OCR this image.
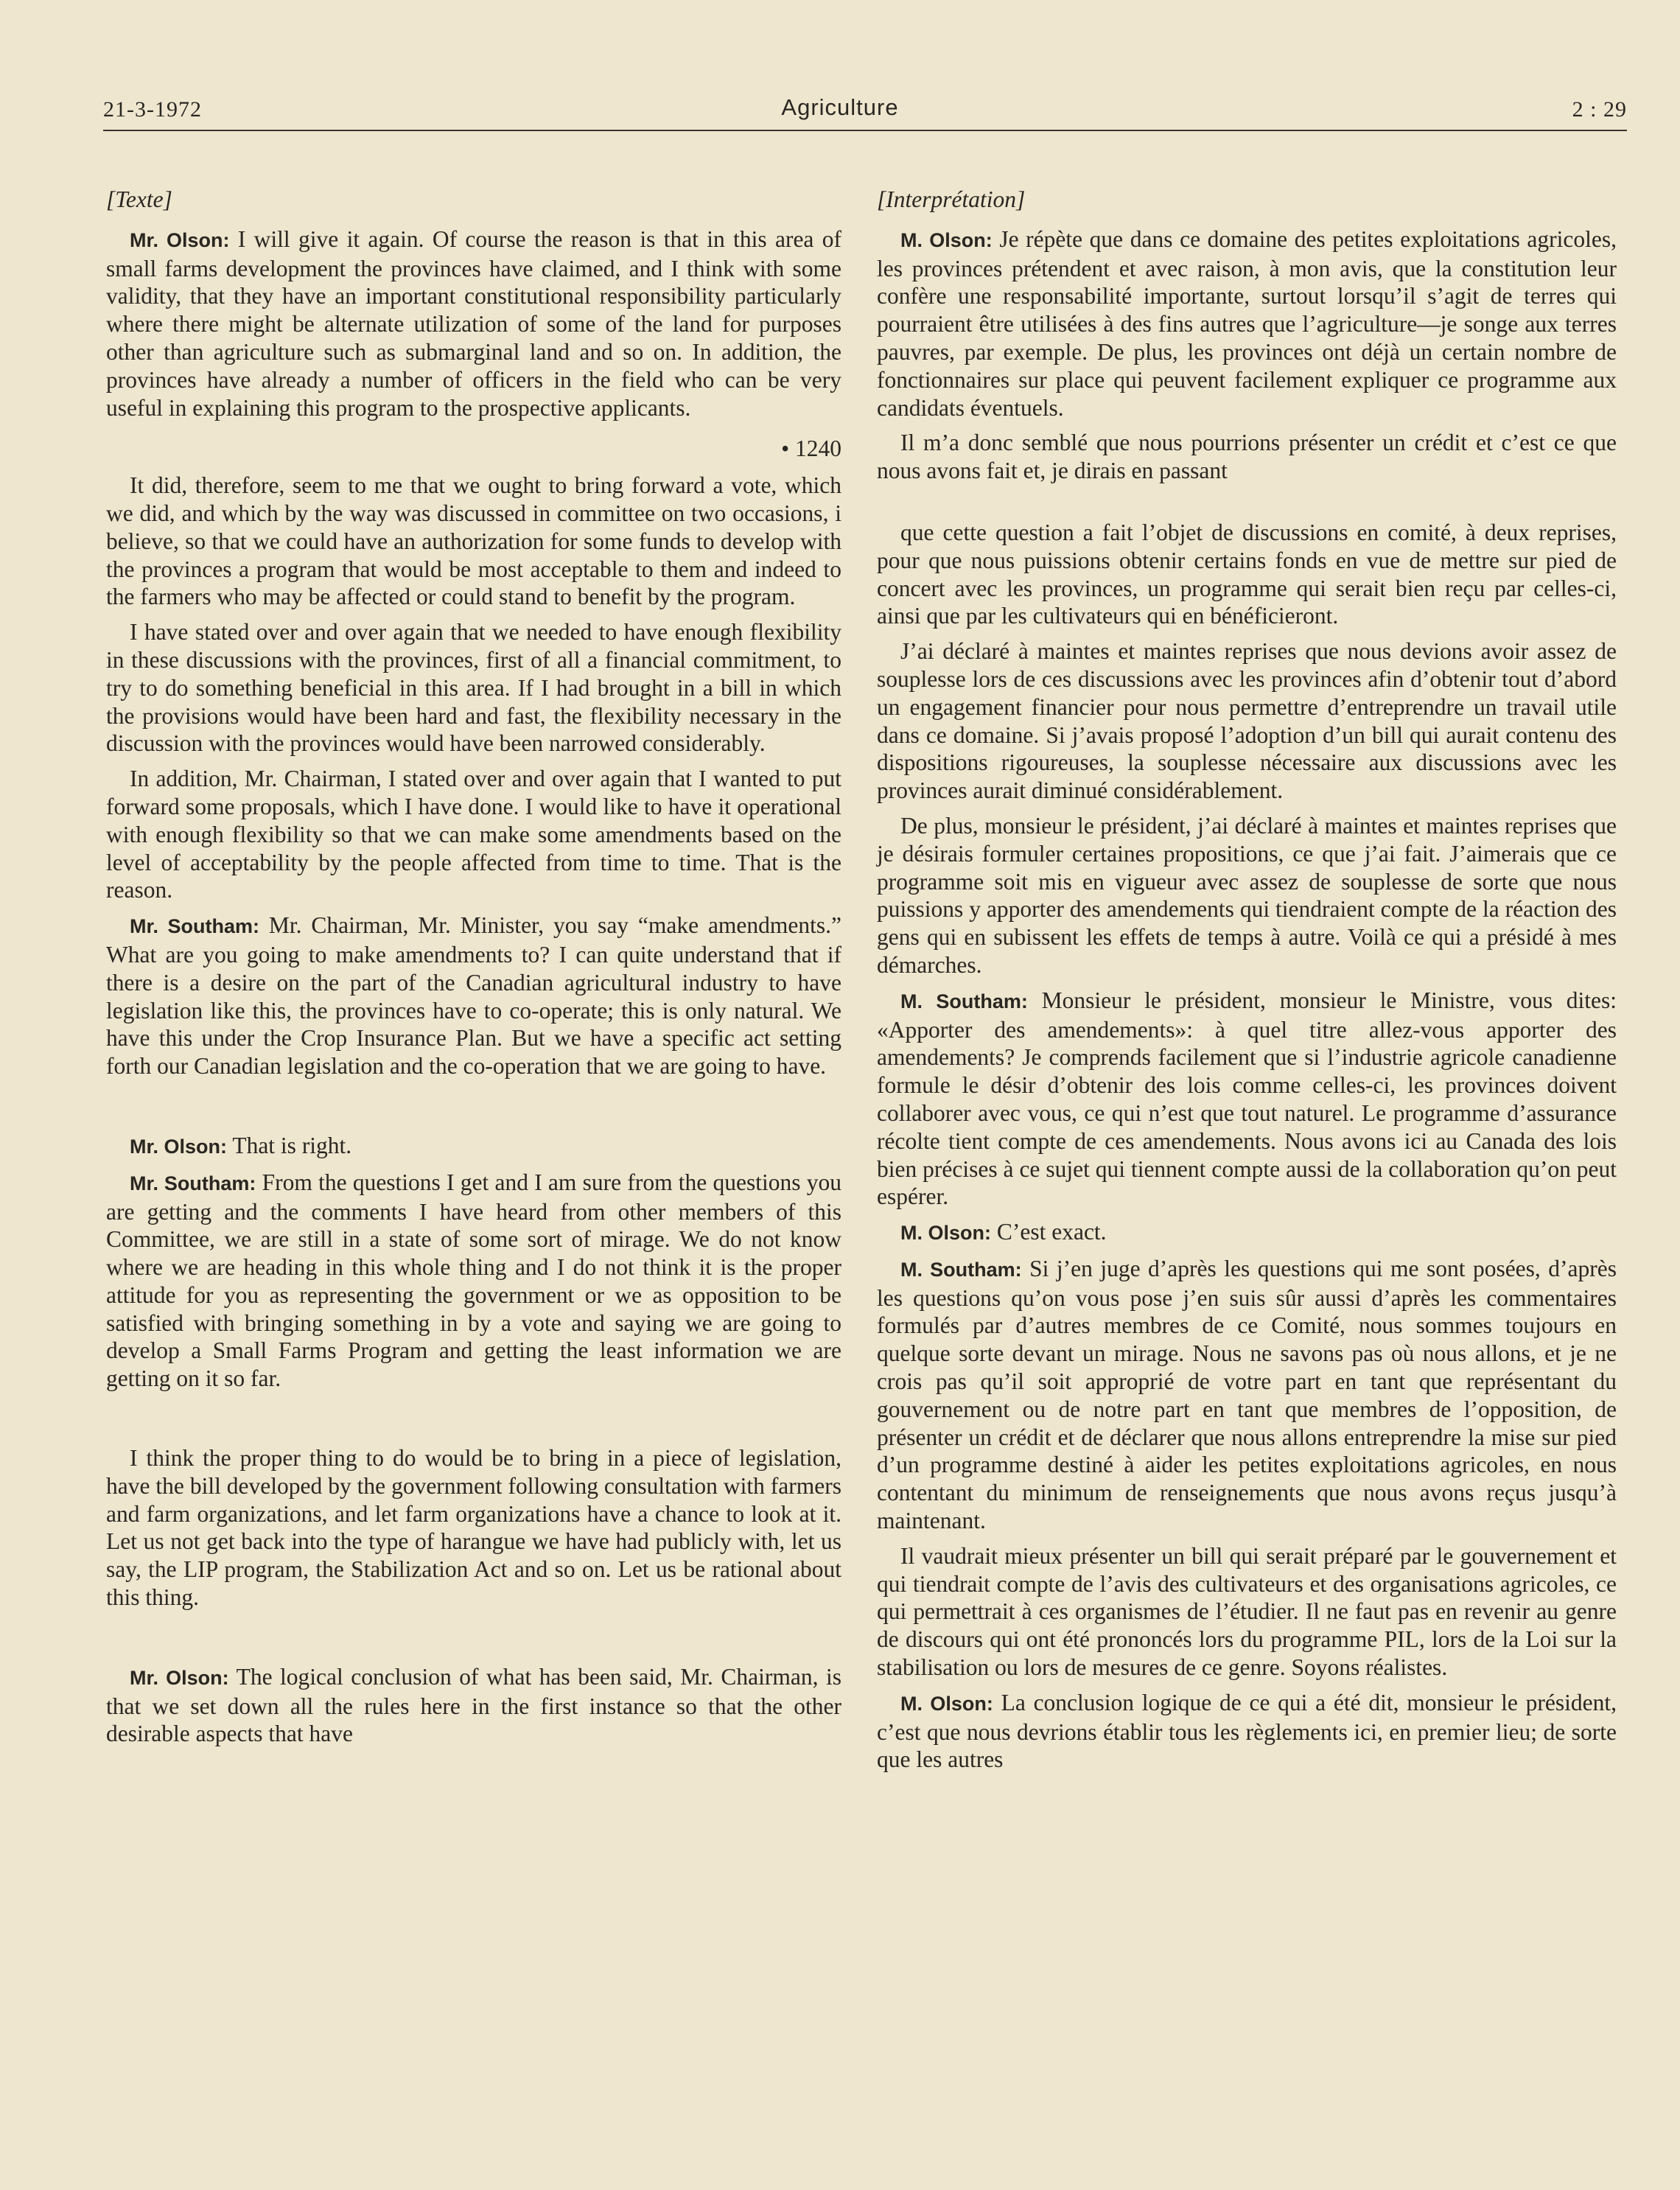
21-3-1972	Agriculture	2 : 29

[Texte]

Mr. Olson: I will give it again. Of course the reason is that in this area of small farms development the provinces have claimed, and I think with some validity, that they have an important constitutional responsibility particularly where there might be alternate utilization of some of the land for purposes other than agriculture such as submarginal land and so on. In addition, the provinces have already a number of officers in the field who can be very useful in explaining this program to the prospective applicants.

• 1240

It did, therefore, seem to me that we ought to bring forward a vote, which we did, and which by the way was discussed in committee on two occasions, i believe, so that we could have an authorization for some funds to develop with the provinces a program that would be most acceptable to them and indeed to the farmers who may be affected or could stand to benefit by the program.

I have stated over and over again that we needed to have enough flexibility in these discussions with the provinces, first of all a financial commitment, to try to do something beneficial in this area. If I had brought in a bill in which the provisions would have been hard and fast, the flexibility necessary in the discussion with the provinces would have been narrowed considerably.

In addition, Mr. Chairman, I stated over and over again that I wanted to put forward some proposals, which I have done. I would like to have it operational with enough flexibility so that we can make some amendments based on the level of acceptability by the people affected from time to time. That is the reason.

Mr. Southam: Mr. Chairman, Mr. Minister, you say “make amendments.” What are you going to make amendments to? I can quite understand that if there is a desire on the part of the Canadian agricultural industry to have legislation like this, the provinces have to co-operate; this is only natural. We have this under the Crop Insurance Plan. But we have a specific act setting forth our Canadian legislation and the co-operation that we are going to have.

Mr. Olson: That is right.

Mr. Southam: From the questions I get and I am sure from the questions you are getting and the comments I have heard from other members of this Committee, we are still in a state of some sort of mirage. We do not know where we are heading in this whole thing and I do not think it is the proper attitude for you as representing the government or we as opposition to be satisfied with bringing something in by a vote and saying we are going to develop a Small Farms Program and getting the least information we are getting on it so far.

I think the proper thing to do would be to bring in a piece of legislation, have the bill developed by the government following consultation with farmers and farm organizations, and let farm organizations have a chance to look at it. Let us not get back into the type of harangue we have had publicly with, let us say, the LIP program, the Stabilization Act and so on. Let us be rational about this thing.

Mr. Olson: The logical conclusion of what has been said, Mr. Chairman, is that we set down all the rules here in the first instance so that the other desirable aspects that have

[Interprétation]

M. Olson: Je répète que dans ce domaine des petites exploitations agricoles, les provinces prétendent et avec raison, à mon avis, que la constitution leur confère une responsabilité importante, surtout lorsqu’il s’agit de terres qui pourraient être utilisées à des fins autres que l’agriculture—je songe aux terres pauvres, par exemple. De plus, les provinces ont déjà un certain nombre de fonctionnaires sur place qui peuvent facilement expliquer ce programme aux candidats éventuels.

Il m’a donc semblé que nous pourrions présenter un crédit et c’est ce que nous avons fait et, je dirais en passant

que cette question a fait l’objet de discussions en comité, à deux reprises, pour que nous puissions obtenir certains fonds en vue de mettre sur pied de concert avec les provinces, un programme qui serait bien reçu par celles-ci, ainsi que par les cultivateurs qui en bénéficieront.

J’ai déclaré à maintes et maintes reprises que nous devions avoir assez de souplesse lors de ces discussions avec les provinces afin d’obtenir tout d’abord un engagement financier pour nous permettre d’entreprendre un travail utile dans ce domaine. Si j’avais proposé l’adoption d’un bill qui aurait contenu des dispositions rigoureuses, la souplesse nécessaire aux discussions avec les provinces aurait diminué considérablement.

De plus, monsieur le président, j’ai déclaré à maintes et maintes reprises que je désirais formuler certaines propositions, ce que j’ai fait. J’aimerais que ce programme soit mis en vigueur avec assez de souplesse de sorte que nous puissions y apporter des amendements qui tiendraient compte de la réaction des gens qui en subissent les effets de temps à autre. Voilà ce qui a présidé à mes démarches.

M. Southam: Monsieur le président, monsieur le Ministre, vous dites: «Apporter des amendements»: à quel titre allez-vous apporter des amendements? Je comprends facilement que si l’industrie agricole canadienne formule le désir d’obtenir des lois comme celles-ci, les provinces doivent collaborer avec vous, ce qui n’est que tout naturel. Le programme d’assurance récolte tient compte de ces amendements. Nous avons ici au Canada des lois bien précises à ce sujet qui tiennent compte aussi de la collaboration qu’on peut espérer.

M. Olson: C’est exact.

M. Southam: Si j’en juge d’après les questions qui me sont posées, d’après les questions qu’on vous pose j’en suis sûr aussi d’après les commentaires formulés par d’autres membres de ce Comité, nous sommes toujours en quelque sorte devant un mirage. Nous ne savons pas où nous allons, et je ne crois pas qu’il soit approprié de votre part en tant que représentant du gouvernement ou de notre part en tant que membres de l’opposition, de présenter un crédit et de déclarer que nous allons entreprendre la mise sur pied d’un programme destiné à aider les petites exploitations agricoles, en nous contentant du minimum de renseignements que nous avons reçus jusqu’à maintenant.

Il vaudrait mieux présenter un bill qui serait préparé par le gouvernement et qui tiendrait compte de l’avis des cultivateurs et des organisations agricoles, ce qui permettrait à ces organismes de l’étudier. Il ne faut pas en revenir au genre de discours qui ont été prononcés lors du programme PIL, lors de la Loi sur la stabilisation ou lors de mesures de ce genre. Soyons réalistes.

M. Olson: La conclusion logique de ce qui a été dit, monsieur le président, c’est que nous devrions établir tous les règlements ici, en premier lieu; de sorte que les autres
